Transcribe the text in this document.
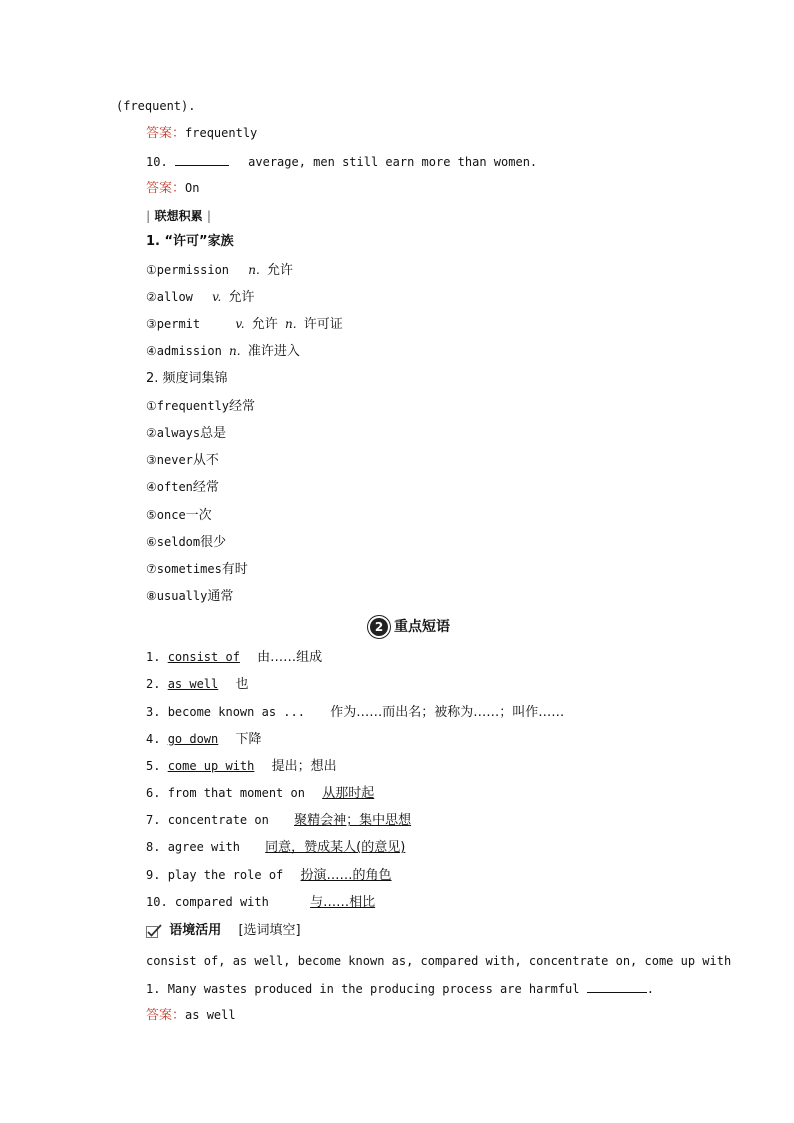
(frequent).
答案：frequently
10.	average, men still earn more than women.
答案：On
| 联想积累 |
1. “许可”家族
①permission n. 允许
②allow v. 允许
③permit	v. 允许 n. 许可证
④admission n. 准许进入
2. 频度词集锦
①frequently经常
②always总是
③never从不
④often经常
⑤once一次
⑥seldom很少
⑦sometimes有时
⑧usually通常
2 重点短语
1. consist of 由……组成
2. as well 也
3. become known as ... 作为……而出名；被称为……；叫作……
4. go down 下降
5. come up with 提出；想出
6. from that moment on 从那时起
7. concentrate on 聚精会神；集中思想
8. agree with 同意，赞成某人(的意见)
9. play the role of 扮演……的角色
10. compared with	与……相比
语境活用 [选词填空]
consist of, as well, become known as, compared with, concentrate on, come up with
1. Many wastes produced in the producing process are harmful	.
答案：as well
